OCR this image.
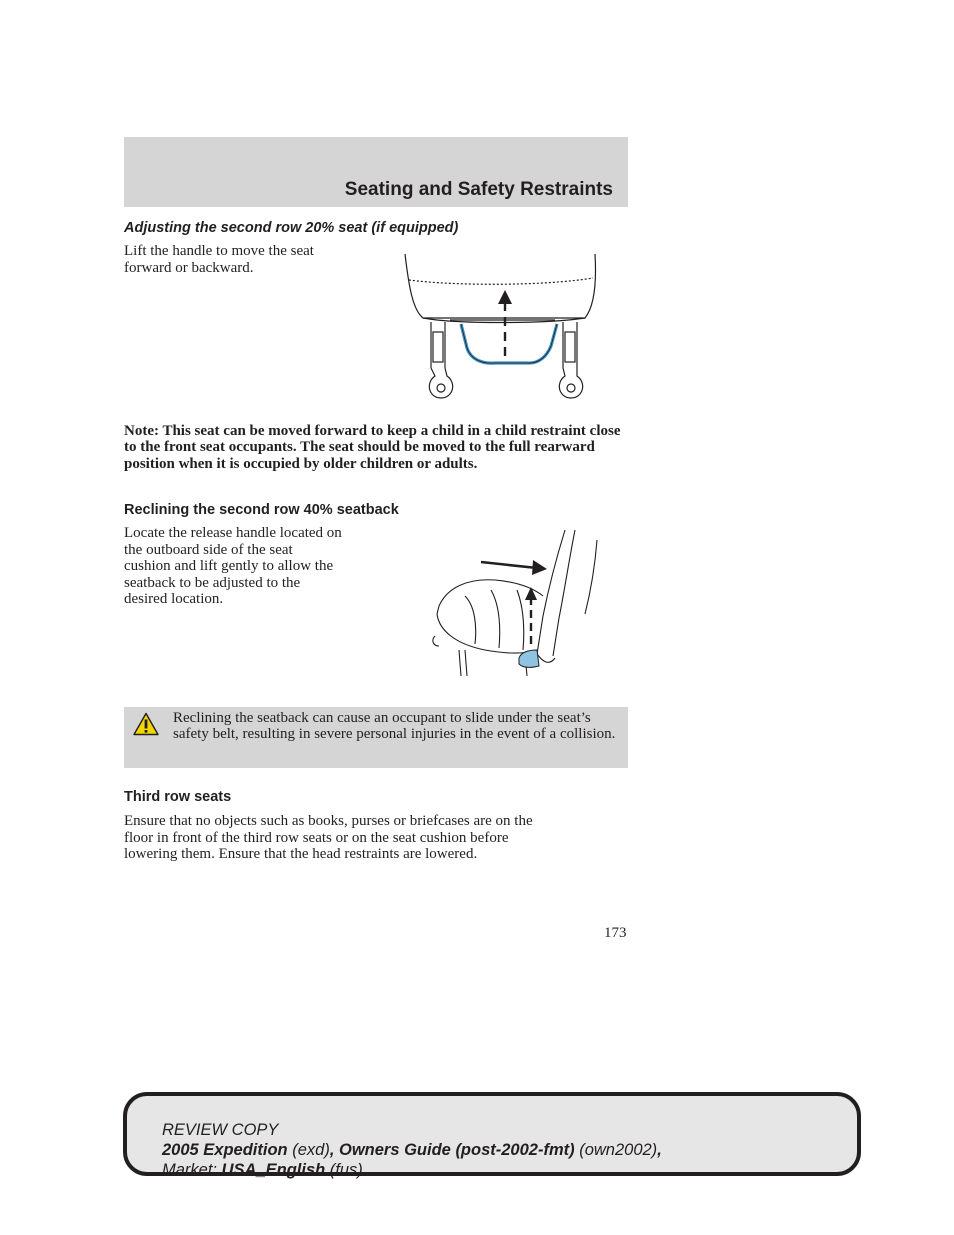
Seating and Safety Restraints
Adjusting the second row 20% seat (if equipped)
Lift the handle to move the seat
forward or backward.
Note: This seat can be moved forward to keep a child in a child restraint close to the front seat occupants. The seat should be moved to the full rearward position when it is occupied by older children or adults.
Reclining the second row 40% seatback
Locate the release handle located on
the outboard side of the seat
cushion and lift gently to allow the
seatback to be adjusted to the
desired location.
Reclining the seatback can cause an occupant to slide under the seat’s safety belt, resulting in severe personal injuries in the event of a collision.
Third row seats
Ensure that no objects such as books, purses or briefcases are on the
floor in front of the third row seats or on the seat cushion before
lowering them. Ensure that the head restraints are lowered.
173
REVIEW COPY
2005 Expedition (exd), Owners Guide (post-2002-fmt) (own2002),
Market: USA_English (fus)
